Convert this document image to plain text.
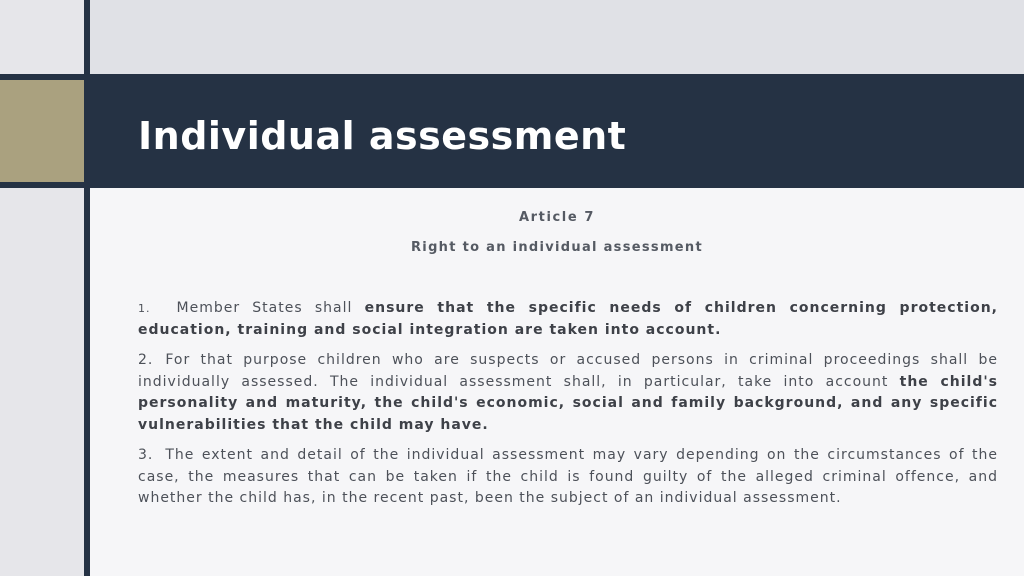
Individual assessment
Article 7
Right to an individual assessment

1. Member States shall ensure that the specific needs of children concerning protection, education, training and social integration are taken into account.

2. For that purpose children who are suspects or accused persons in criminal proceedings shall be individually assessed. The individual assessment shall, in particular, take into account the child's personality and maturity, the child's economic, social and family background, and any specific vulnerabilities that the child may have.

3. The extent and detail of the individual assessment may vary depending on the circumstances of the case, the measures that can be taken if the child is found guilty of the alleged criminal offence, and whether the child has, in the recent past, been the subject of an individual assessment.
